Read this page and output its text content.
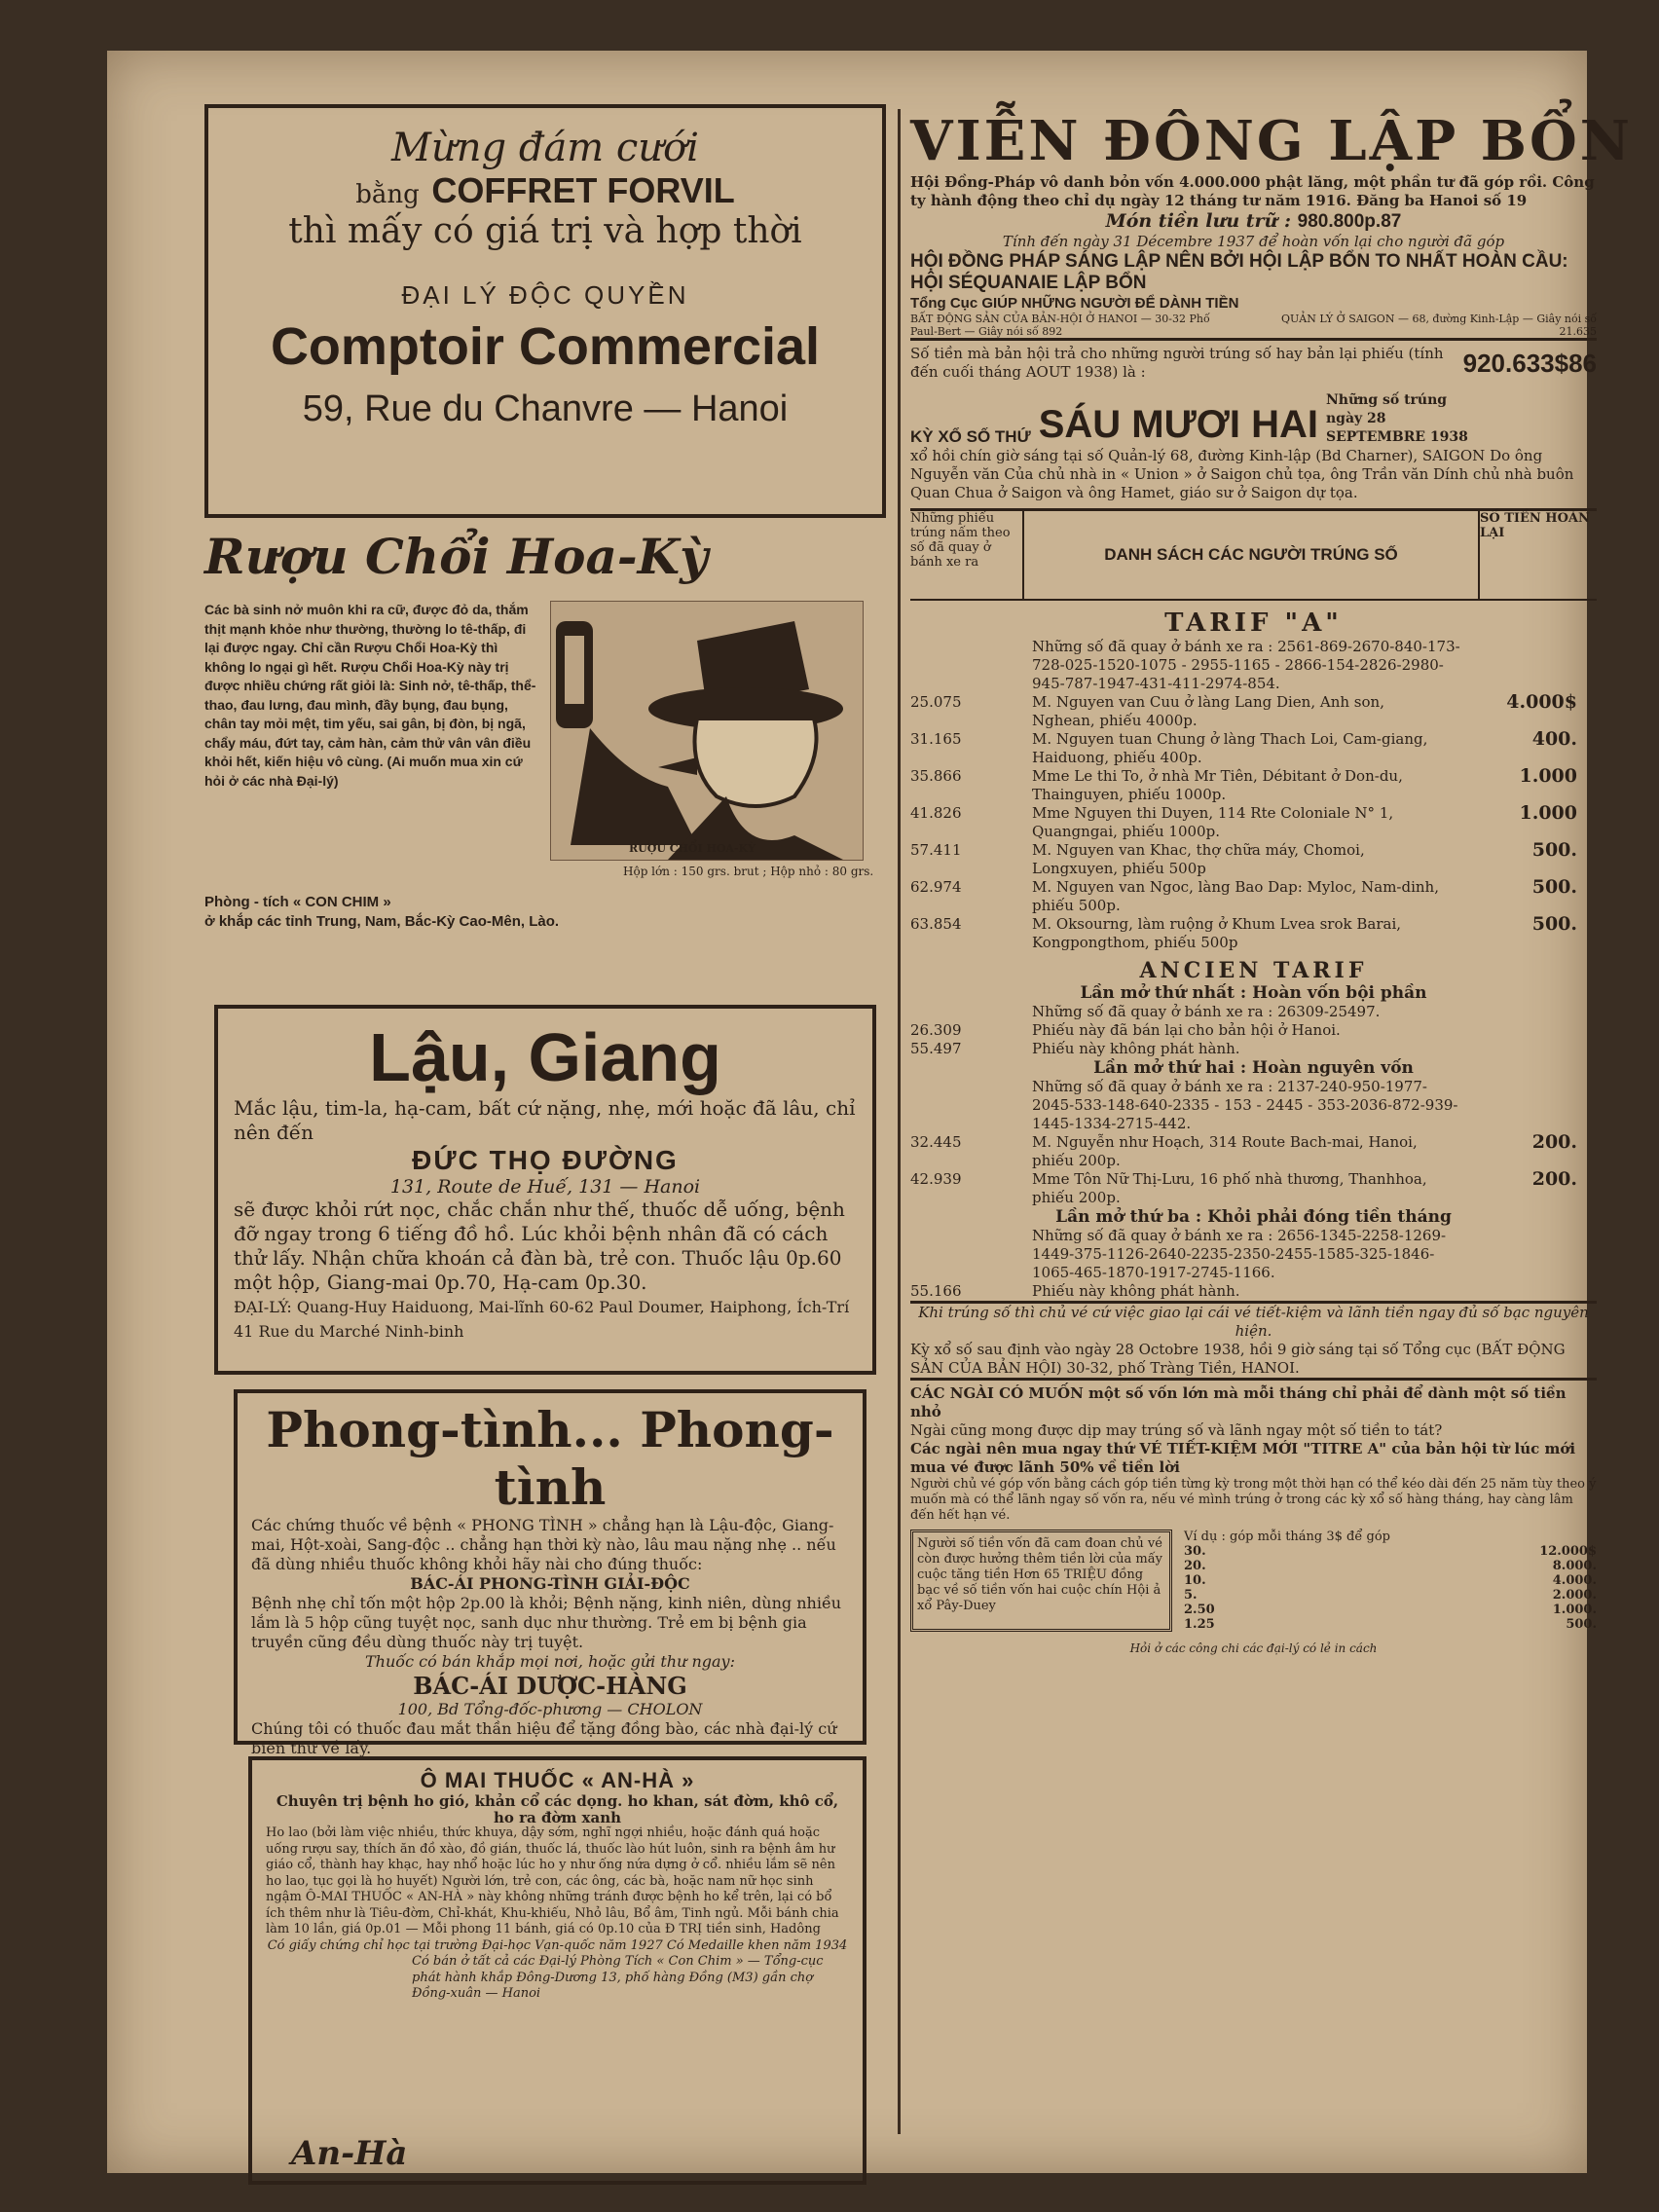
Mừng đám cưới
bằng COFFRET FORVIL
thì mấy có giá trị và hợp thời
ĐẠI LÝ ĐỘC QUYỀN
Comptoir Commercial
59, Rue du Chanvre — Hanoi
Rượu Chổi Hoa-Kỳ
Các bà sinh nở muôn khi ra cữ, được đỏ da, thắm thịt mạnh khỏe như thường, thường lo tê-thấp, đi lại được ngay. Chỉ cần Rượu Chổi Hoa-Kỳ thì không lo ngại gì hết. Rượu Chổi Hoa-Kỳ này trị được nhiều chứng rất giỏi là: Sinh nở, tê-thấp, thể-thao, đau lưng, đau mình, đầy bụng, đau bụng, chân tay mỏi mệt, tim yếu, sai gân, bị đòn, bị ngã, chẩy máu, đứt tay, cảm hàn, cảm thử vân vân điều khỏi hết, kiến hiệu vô cùng. (Ai muốn mua xin cứ hỏi ở các nhà Đại-lý)
RƯỢU CHỔI HOA-KỲ
Hộp lớn : 150 grs. brut ; Hộp nhỏ : 80 grs.
Phòng - tích « CON CHIM »
ở khắp các tỉnh Trung, Nam, Bắc-Kỳ Cao-Mên, Lào.
Lậu, Giang
Mắc lậu, tim-la, hạ-cam, bất cứ nặng, nhẹ, mới hoặc đã lâu, chỉ nên đến
ĐỨC THỌ ĐƯỜNG
131, Route de Huế, 131 — Hanoi
sẽ được khỏi rứt nọc, chắc chắn như thế, thuốc dễ uống, bệnh đỡ ngay trong 6 tiếng đồ hồ. Lúc khỏi bệnh nhân đã có cách thử lấy. Nhận chữa khoán cả đàn bà, trẻ con. Thuốc lậu 0p.60 một hộp, Giang-mai 0p.70, Hạ-cam 0p.30.
ĐẠI-LÝ: Quang-Huy Haiduong, Mai-lĩnh 60-62 Paul Doumer, Haiphong, Ích-Trí 41 Rue du Marché Ninh-binh
Phong-tình... Phong-tình
Các chứng thuốc về bệnh « PHONG TÌNH » chẳng hạn là Lậu-độc, Giang-mai, Hột-xoài, Sang-độc .. chẳng hạn thời kỳ nào, lâu mau nặng nhẹ .. nếu đã dùng nhiều thuốc không khỏi hãy nài cho đúng thuốc:
BÁC-ÁI PHONG-TÌNH GIẢI-ĐỘC
Bệnh nhẹ chỉ tốn một hộp 2p.00 là khỏi; Bệnh nặng, kinh niên, dùng nhiều lắm là 5 hộp cũng tuyệt nọc, sanh dục như thường. Trẻ em bị bệnh gia truyền cũng đều dùng thuốc này trị tuyệt.
Thuốc có bán khắp mọi nơi, hoặc gửi thư ngay:
BÁC-ÁI DƯỢC-HÀNG
100, Bd Tổng-đốc-phương — CHOLON
Chúng tôi có thuốc đau mắt thần hiệu để tặng đồng bào, các nhà đại-lý cứ biên thư về lấy.
Ô MAI THUỐC « AN-HÀ »
Chuyên trị bệnh ho gió, khản cổ các dọng. ho khan, sát đờm, khô cổ, ho ra đờm xanh
Ho lao (bởi làm việc nhiều, thức khuya, dậy sớm, nghĩ ngợi nhiều, hoặc đánh quá hoặc uống rượu say, thích ăn đồ xào, đồ gián, thuốc lá, thuốc lào hút luôn, sinh ra bệnh âm hư giáo cổ, thành hay khạc, hay nhổ hoặc lúc ho y như ống nứa dựng ở cổ. nhiều lắm sẽ nên ho lao, tục gọi là ho huyết) Người lớn, trẻ con, các ông, các bà, hoặc nam nữ học sinh ngậm Ô-MAI THUỐC « AN-HÀ » này không những tránh được bệnh ho kể trên, lại có bổ ích thêm như là Tiêu-đờm, Chỉ-khát, Khu-khiếu, Nhỏ lâu, Bổ âm, Tinh ngủ. Mỗi bánh chia làm 10 lần, giá 0p.01 — Mỗi phong 11 bánh, giá có 0p.10 của Đ TRỊ tiền sinh, Hadông
Có giấy chứng chỉ học tại trường Đại-học Vạn-quốc năm 1927 Có Medaille khen năm 1934
Có bán ở tất cả các Đại-lý Phòng Tích « Con Chim » — Tổng-cục phát hành khắp Đông-Dương 13, phố hàng Đồng (M3) gần chợ Đồng-xuân — Hanoi
An-Hà
VIỄN ĐÔNG LẬP BỔN
Hội Đồng-Pháp vô danh bỏn vốn 4.000.000 phật lăng, một phần tư đã góp rồi. Công ty hành động theo chỉ dụ ngày 12 tháng tư năm 1916. Đăng ba Hanoi số 19
Món tiền lưu trữ : 980.800p.87
Tính đến ngày 31 Décembre 1937 để hoàn vốn lại cho người đã góp
HỘI ĐỒNG PHÁP SÁNG LẬP NÊN BỞI HỘI LẬP BỔN TO NHẤT HOÀN CẦU: HỘI SÉQUANAIE LẬP BỔN
Tổng Cục GIÚP NHỮNG NGƯỜI ĐỂ DÀNH TIỀN
BẤT ĐỘNG SẢN CỦA BẢN-HỘI Ở HANOI — 30-32 Phố Paul-Bert — Giây nói số 892
QUẢN LÝ Ở SAIGON — 68, đường Kinh-Lập — Giây nói số 21.635
Số tiền mà bản hội trả cho những người trúng số hay bản lại phiếu (tính đến cuối tháng AOUT 1938) là :	920.633$86
KỲ XỔ SỐ THỨ SÁU MƯƠI HAI
Những số trúng ngày 28 SEPTEMBRE 1938
xổ hồi chín giờ sáng tại số Quản-lý 68, đường Kinh-lập (Bd Charner), SAIGON Do ông Nguyễn văn Của chủ nhà in « Union » ở Saigon chủ tọa, ông Trần văn Dính chủ nhà buôn Quan Chua ở Saigon và ông Hamet, giáo sư ở Saigon dự tọa.
Những phiếu trúng nấm theo số đã quay ở bánh xe ra	DANH SÁCH CÁC NGƯỜI TRÚNG SỐ
SỐ TIỀN HOÀN LẠI
TARIF "A"
Những số đã quay ở bánh xe ra : 2561-869-2670-840-173-728-025-1520-1075 - 2955-1165 - 2866-154-2826-2980-945-787-1947-431-411-2974-854.
25.075	M. Nguyen van Cuu ở làng Lang Dien, Anh son, Nghean, phiếu 4000p.
4.000$
31.165	M. Nguyen tuan Chung ở làng Thach Loi, Cam-giang, Haiduong, phiếu 400p.
400.
35.866	Mme Le thi To, ở nhà Mr Tiên, Débitant ở Don-du, Thainguyen, phiếu 1000p.
1.000
41.826	Mme Nguyen thi Duyen, 114 Rte Coloniale N° 1, Quangngai, phiếu 1000p.
1.000
57.411	M. Nguyen van Khac, thợ chữa máy, Chomoi, Longxuyen, phiếu 500p
500.
62.974	M. Nguyen van Ngoc, làng Bao Dap: Myloc, Nam-dinh, phiếu 500p.
500.
63.854	M. Oksourng, làm ruộng ở Khum Lvea srok Barai, Kongpongthom, phiếu 500p
500.
ANCIEN TARIF
Lần mở thứ nhất : Hoàn vốn bội phần
Những số đã quay ở bánh xe ra : 26309-25497.
26.309	Phiếu này đã bán lại cho bản hội ở Hanoi.
55.497	Phiếu này không phát hành.
Lần mở thứ hai : Hoàn nguyên vốn
Những số đã quay ở bánh xe ra : 2137-240-950-1977-2045-533-148-640-2335 - 153 - 2445 - 353-2036-872-939-1445-1334-2715-442.
32.445	M. Nguyễn như Hoạch, 314 Route Bach-mai, Hanoi, phiếu 200p.
200.
42.939	Mme Tôn Nữ Thị-Lưu, 16 phố nhà thương, Thanhhoa, phiếu 200p.
200.
Lần mở thứ ba : Khỏi phải đóng tiền tháng
Những số đã quay ở bánh xe ra : 2656-1345-2258-1269-1449-375-1126-2640-2235-2350-2455-1585-325-1846-1065-465-1870-1917-2745-1166.
55.166	Phiếu này không phát hành.
Khi trúng số thì chủ vé cứ việc giao lại cái vé tiết-kiệm và lãnh tiền ngay đủ số bạc nguyên hiện.
Kỳ xổ số sau định vào ngày 28 Octobre 1938, hồi 9 giờ sáng tại số Tổng cục (BẤT ĐỘNG SẢN CỦA BẢN HỘI) 30-32, phố Tràng Tiền, HANOI.
CÁC NGÀI CÓ MUỐN một số vốn lớn mà mỗi tháng chỉ phải để dành một số tiền nhỏ
Ngài cũng mong được dịp may trúng số và lãnh ngay một số tiền to tát?
Các ngài nên mua ngay thứ VÉ TIẾT-KIỆM MỚI "TITRE A" của bản hội từ lúc mới mua vé được lãnh 50% về tiền lời
Người chủ vé góp vốn bằng cách góp tiền từng kỳ trong một thời hạn có thể kéo dài đến 25 năm tùy theo ý muốn mà có thể lãnh ngay số vốn ra, nếu vé mình trúng ở trong các kỳ xổ số hàng tháng, hay càng lâm đến hết hạn vé.
Người số tiền vốn đã cam đoan chủ vé còn được hưởng thêm tiền lời của mấy cuộc tăng tiền Hơn 65 TRIỆU đồng bạc về số tiền vốn hai cuộc chín Hội ả xổ Pây-Duey
Ví dụ : góp mỗi tháng 3$ để góp
30.	12.000$
20.	8.000.
10.	4.000.
5.	2.000.
2.50	1.000.
1.25	500.
Hỏi ở các công chi các đại-lý có lẻ in cách
